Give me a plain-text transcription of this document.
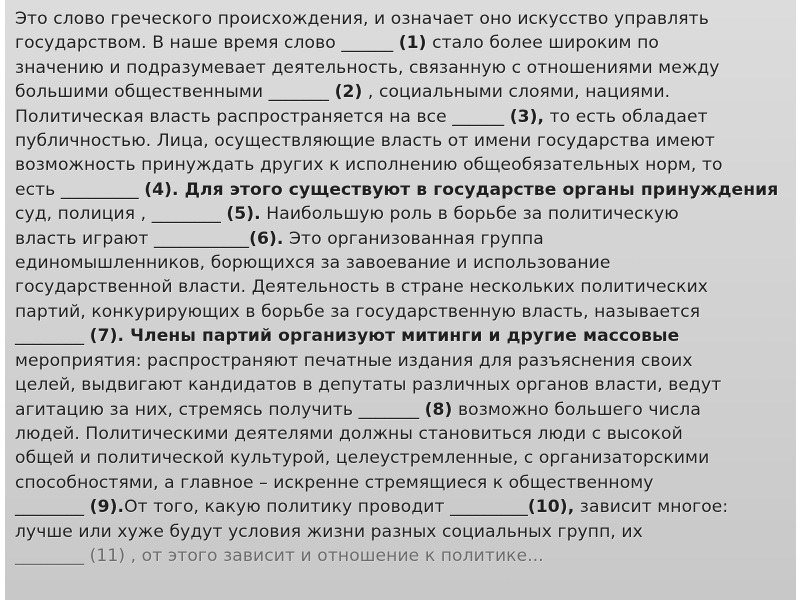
Это слово греческого происхождения, и означает оно искусство управлять
государством. В наше время слово ______ (1) стало более широким по
значению и подразумевает деятельность, связанную с отношениями между
большими общественными _______ (2) , социальными слоями, нациями.
Политическая власть распространяется на все ______ (3), то есть обладает
публичностью. Лица, осуществляющие власть от имени государства имеют
возможность принуждать других к исполнению общеобязательных норм, то
есть _________ (4). Для этого существуют в государстве органы принуждения
суд, полиция , ________ (5). Наибольшую роль в борьбе за политическую
власть играют ___________(6). Это организованная группа
единомышленников, борющихся за завоевание и использование
государственной власти. Деятельность в стране нескольких политических
партий, конкурирующих в борьбе за государственную власть, называется
________ (7). Члены партий организуют митинги и другие массовые
мероприятия: распространяют печатные издания для разъяснения своих
целей, выдвигают кандидатов в депутаты различных органов власти, ведут
агитацию за них, стремясь получить _______ (8) возможно большего числа
людей. Политическими деятелями должны становиться люди с высокой
общей и политической культурой, целеустремленные, с организаторскими
способностями, а главное – искренне стремящиеся к общественному
________ (9).От того, какую политику проводит _________(10), зависит многое:
лучше или хуже будут условия жизни разных социальных групп, их
________ (11) , от этого зависит и отношение к политике...
